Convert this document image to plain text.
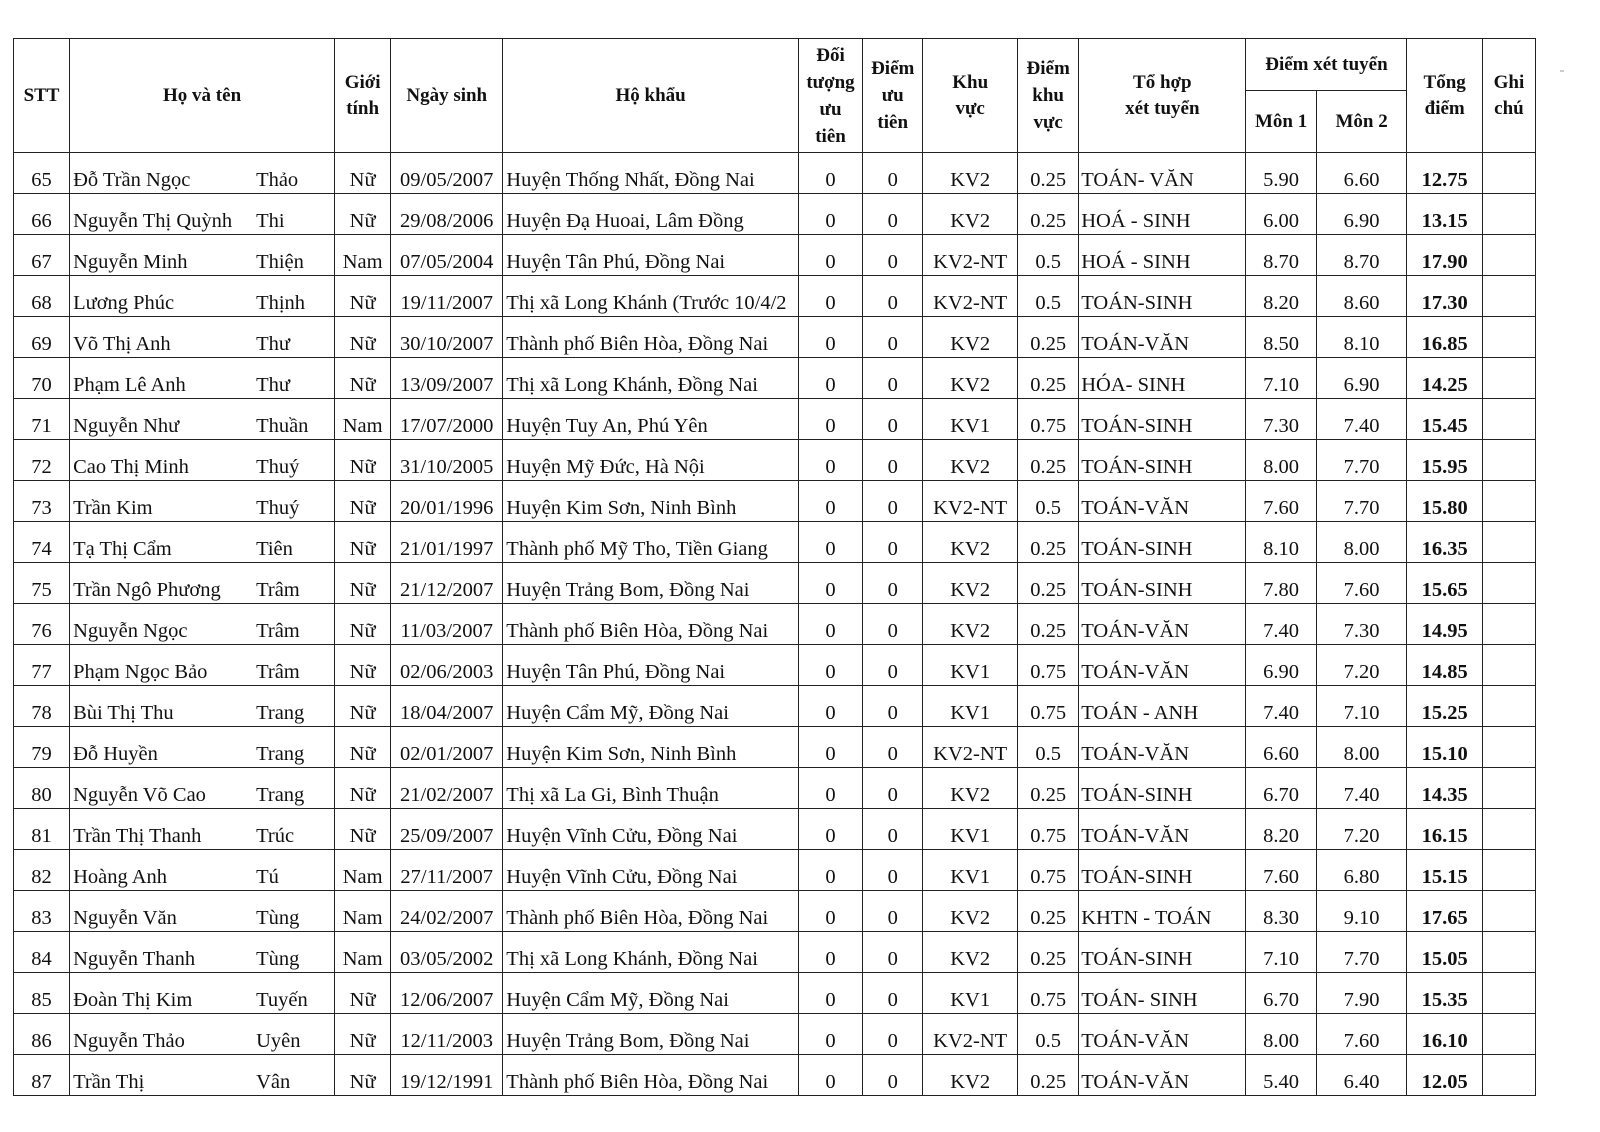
STT	Họ và tên	Giới
tính	Ngày sinh	Hộ khẩu	Đối
tượng
ưu
tiên	Điểm
ưu
tiên	Khu
vực	Điểm
khu
vực	Tổ hợp
xét tuyển	Điểm xét tuyển		Tổng
điểm	Ghi
chú
										Môn 1	Môn 2		
65	Đỗ Trần Ngọc Thảo	Nữ	09/05/2007	Huyện Thống Nhất, Đồng Nai	0	0	KV2	0.25	TOÁN- VĂN	5.90	6.60	12.75	
66	Nguyễn Thị Quỳnh Thi	Nữ	29/08/2006	Huyện Đạ Huoai, Lâm Đồng	0	0	KV2	0.25	HOÁ - SINH	6.00	6.90	13.15	
67	Nguyễn Minh Thiện	Nam	07/05/2004	Huyện Tân Phú, Đồng Nai	0	0	KV2-NT	0.5	HOÁ - SINH	8.70	8.70	17.90	
68	Lương Phúc Thịnh	Nữ	19/11/2007	Thị xã Long Khánh (Trước 10/4/2	0	0	KV2-NT	0.5	TOÁN-SINH	8.20	8.60	17.30	
69	Võ Thị Anh Thư	Nữ	30/10/2007	Thành phố Biên Hòa, Đồng Nai	0	0	KV2	0.25	TOÁN-VĂN	8.50	8.10	16.85	
70	Phạm Lê Anh Thư	Nữ	13/09/2007	Thị xã Long Khánh, Đồng Nai	0	0	KV2	0.25	HÓA- SINH	7.10	6.90	14.25	
71	Nguyễn Như Thuần	Nam	17/07/2000	Huyện Tuy An, Phú Yên	0	0	KV1	0.75	TOÁN-SINH	7.30	7.40	15.45	
72	Cao Thị Minh Thuý	Nữ	31/10/2005	Huyện Mỹ Đức, Hà Nội	0	0	KV2	0.25	TOÁN-SINH	8.00	7.70	15.95	
73	Trần Kim Thuý	Nữ	20/01/1996	Huyện Kim Sơn, Ninh Bình	0	0	KV2-NT	0.5	TOÁN-VĂN	7.60	7.70	15.80	
74	Tạ Thị Cẩm Tiên	Nữ	21/01/1997	Thành phố Mỹ Tho, Tiền Giang	0	0	KV2	0.25	TOÁN-SINH	8.10	8.00	16.35	
75	Trần Ngô Phương Trâm	Nữ	21/12/2007	Huyện Trảng Bom, Đồng Nai	0	0	KV2	0.25	TOÁN-SINH	7.80	7.60	15.65	
76	Nguyễn Ngọc Trâm	Nữ	11/03/2007	Thành phố Biên Hòa, Đồng Nai	0	0	KV2	0.25	TOÁN-VĂN	7.40	7.30	14.95	
77	Phạm Ngọc Bảo Trâm	Nữ	02/06/2003	Huyện Tân Phú, Đồng Nai	0	0	KV1	0.75	TOÁN-VĂN	6.90	7.20	14.85	
78	Bùi Thị Thu Trang	Nữ	18/04/2007	Huyện Cẩm Mỹ, Đồng Nai	0	0	KV1	0.75	TOÁN - ANH	7.40	7.10	15.25	
79	Đỗ Huyền Trang	Nữ	02/01/2007	Huyện Kim Sơn, Ninh Bình	0	0	KV2-NT	0.5	TOÁN-VĂN	6.60	8.00	15.10	
80	Nguyễn Võ Cao Trang	Nữ	21/02/2007	Thị xã La Gi, Bình Thuận	0	0	KV2	0.25	TOÁN-SINH	6.70	7.40	14.35	
81	Trần Thị Thanh Trúc	Nữ	25/09/2007	Huyện Vĩnh Cửu, Đồng Nai	0	0	KV1	0.75	TOÁN-VĂN	8.20	7.20	16.15	
82	Hoàng Anh Tú	Nam	27/11/2007	Huyện Vĩnh Cửu, Đồng Nai	0	0	KV1	0.75	TOÁN-SINH	7.60	6.80	15.15	
83	Nguyễn Văn Tùng	Nam	24/02/2007	Thành phố Biên Hòa, Đồng Nai	0	0	KV2	0.25	KHTN - TOÁN	8.30	9.10	17.65	
84	Nguyễn Thanh Tùng	Nam	03/05/2002	Thị xã Long Khánh, Đồng Nai	0	0	KV2	0.25	TOÁN-SINH	7.10	7.70	15.05	
85	Đoàn Thị Kim Tuyến	Nữ	12/06/2007	Huyện Cẩm Mỹ, Đồng Nai	0	0	KV1	0.75	TOÁN- SINH	6.70	7.90	15.35	
86	Nguyễn Thảo Uyên	Nữ	12/11/2003	Huyện Trảng Bom, Đồng Nai	0	0	KV2-NT	0.5	TOÁN-VĂN	8.00	7.60	16.10	
87	Trần Thị Vân	Nữ	19/12/1991	Thành phố Biên Hòa, Đồng Nai	0	0	KV2	0.25	TOÁN-VĂN	5.40	6.40	12.05	
